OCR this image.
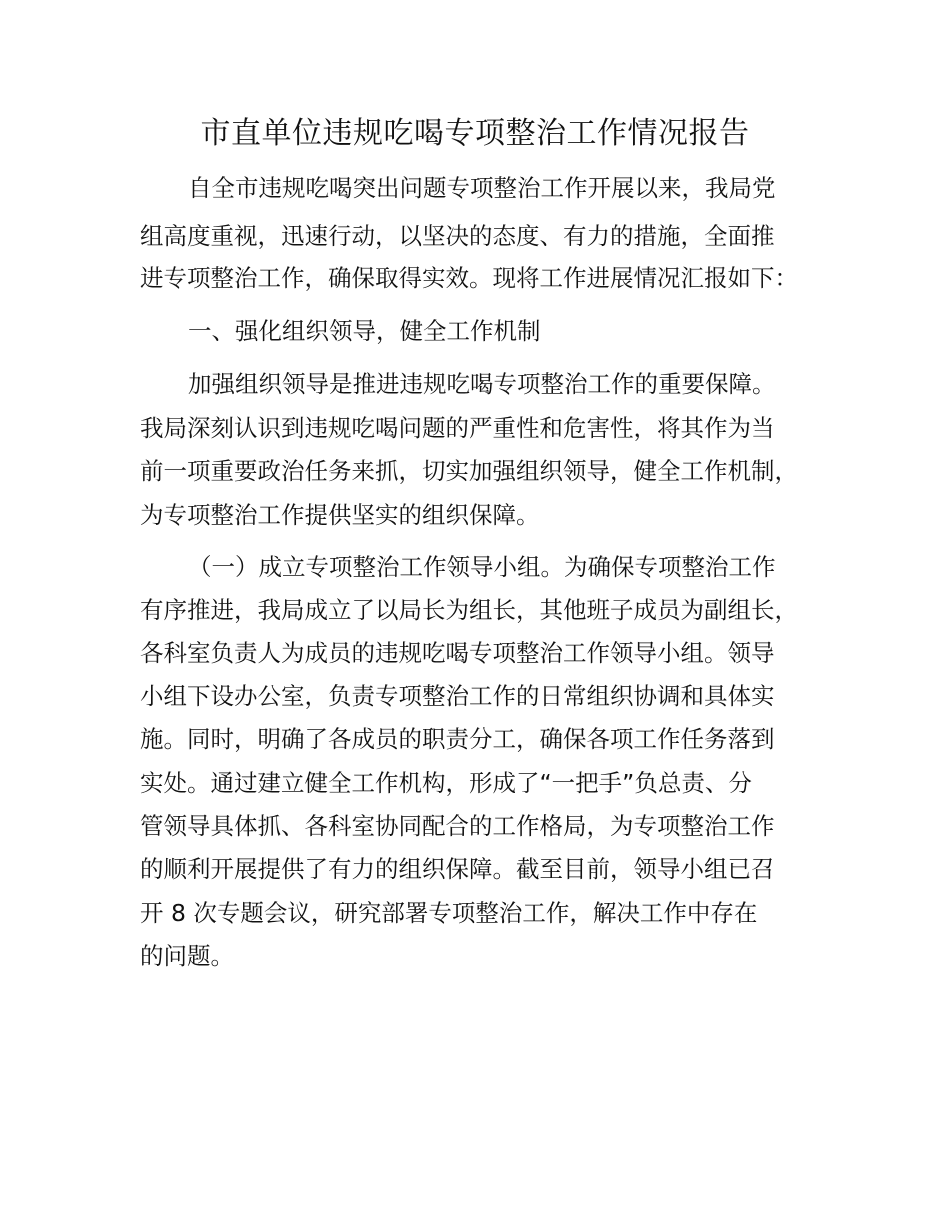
市直单位违规吃喝专项整治工作情况报告

自全市违规吃喝突出问题专项整治工作开展以来，我局党

组高度重视，迅速行动，以坚决的态度、有力的措施，全面推

进专项整治工作，确保取得实效。现将工作进展情况汇报如下：

一、强化组织领导，健全工作机制

加强组织领导是推进违规吃喝专项整治工作的重要保障。

我局深刻认识到违规吃喝问题的严重性和危害性，将其作为当

前一项重要政治任务来抓，切实加强组织领导，健全工作机制，

为专项整治工作提供坚实的组织保障。

（一）成立专项整治工作领导小组。为确保专项整治工作

有序推进，我局成立了以局长为组长，其他班子成员为副组长，

各科室负责人为成员的违规吃喝专项整治工作领导小组。领导

小组下设办公室，负责专项整治工作的日常组织协调和具体实

施。同时，明确了各成员的职责分工，确保各项工作任务落到

实处。通过建立健全工作机构，形成了“一把手”负总责、分

管领导具体抓、各科室协同配合的工作格局，为专项整治工作

的顺利开展提供了有力的组织保障。截至目前，领导小组已召

开 8 次专题会议，研究部署专项整治工作，解决工作中存在

的问题。
